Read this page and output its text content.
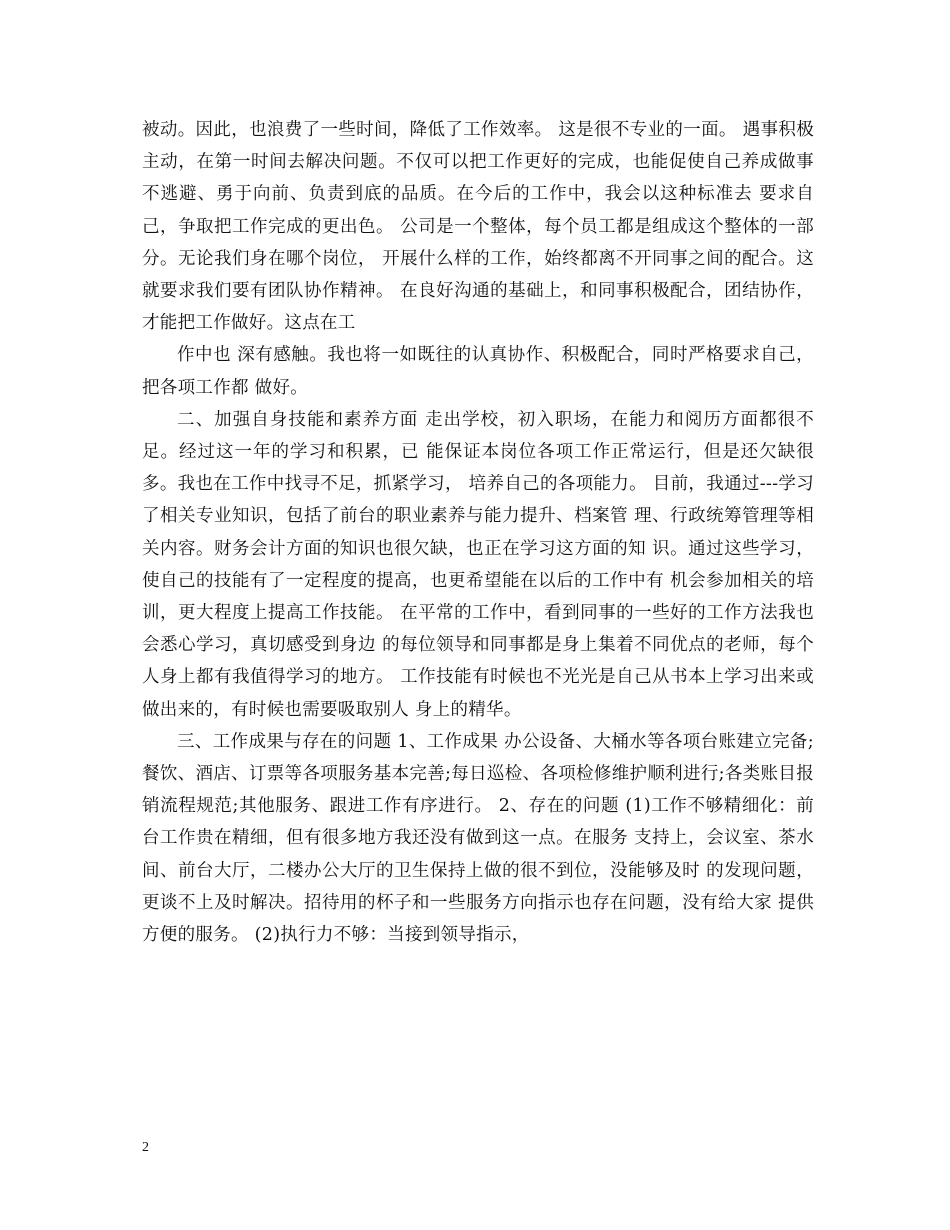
被动。因此，也浪费了一些时间，降低了工作效率。 这是很不专业的一面。 遇事积极主动，在第一时间去解决问题。不仅可以把工作更好的完成，也能促使自己养成做事不逃避、勇于向前、负责到底的品质。在今后的工作中，我会以这种标准去 要求自己，争取把工作完成的更出色。 公司是一个整体，每个员工都是组成这个整体的一部分。无论我们身在哪个岗位， 开展什么样的工作，始终都离不开同事之间的配合。这就要求我们要有团队协作精神。 在良好沟通的基础上，和同事积极配合，团结协作，才能把工作做好。这点在工

作中也 深有感触。我也将一如既往的认真协作、积极配合，同时严格要求自己，把各项工作都 做好。

二、加强自身技能和素养方面 走出学校，初入职场，在能力和阅历方面都很不足。经过这一年的学习和积累，已 能保证本岗位各项工作正常运行，但是还欠缺很多。我也在工作中找寻不足，抓紧学习， 培养自己的各项能力。 目前，我通过---学习了相关专业知识，包括了前台的职业素养与能力提升、档案管 理、行政统筹管理等相关内容。财务会计方面的知识也很欠缺，也正在学习这方面的知 识。通过这些学习，使自己的技能有了一定程度的提高，也更希望能在以后的工作中有 机会参加相关的培训，更大程度上提高工作技能。 在平常的工作中，看到同事的一些好的工作方法我也会悉心学习，真切感受到身边 的每位领导和同事都是身上集着不同优点的老师，每个人身上都有我值得学习的地方。 工作技能有时候也不光光是自己从书本上学习出来或做出来的，有时候也需要吸取别人 身上的精华。

三、工作成果与存在的问题 1、工作成果 办公设备、大桶水等各项台账建立完备;餐饮、酒店、订票等各项服务基本完善;每日巡检、各项检修维护顺利进行;各类账目报销流程规范;其他服务、跟进工作有序进行。 2、存在的问题 (1)工作不够精细化：前台工作贵在精细，但有很多地方我还没有做到这一点。在服务 支持上，会议室、茶水间、前台大厅，二楼办公大厅的卫生保持上做的很不到位，没能够及时 的发现问题，更谈不上及时解决。招待用的杯子和一些服务方向指示也存在问题，没有给大家 提供方便的服务。 (2)执行力不够：当接到领导指示，

2
